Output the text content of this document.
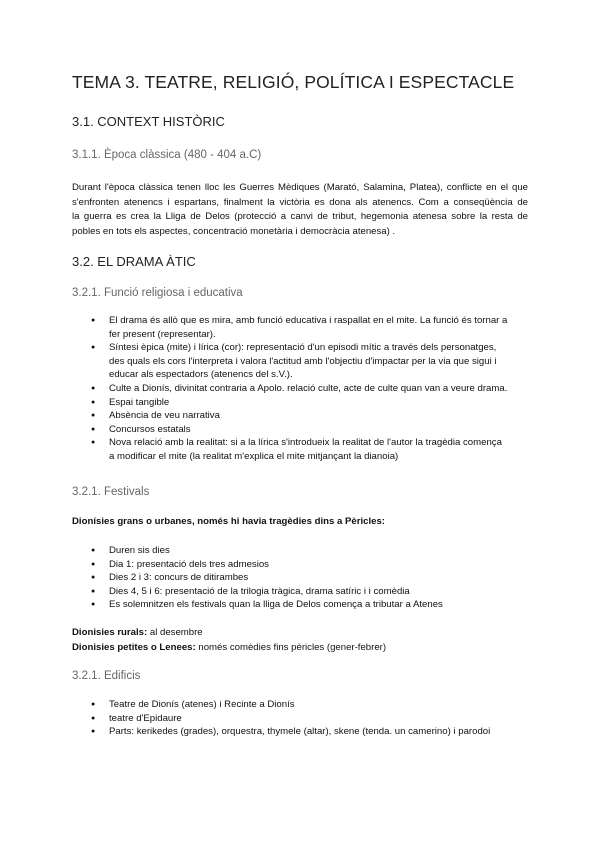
TEMA 3. TEATRE, RELIGIÓ, POLÍTICA I ESPECTACLE
3.1. CONTEXT HISTÒRIC
3.1.1. Època clàssica (480 - 404 a.C)
Durant l'època clàssica tenen lloc les Guerres Mèdiques (Marató, Salamina, Platea), conflicte en el que
s'enfronten atenencs i espartans, finalment la victòria es dona als atenencs. Com a conseqüència de
la guerra es crea la Lliga de Delos (protecció a canvi de tribut, hegemonia atenesa sobre la resta de
pobles en tots els aspectes, concentració monetària i democràcia atenesa) .
3.2. EL DRAMA ÀTIC
3.2.1. Funció religiosa i educativa
● El drama és allò que es mira, amb funció educativa i raspallat en el mite. La funció és tornar a
fer present (representar).
● Síntesi èpica (mite) i lírica (cor): representació d'un episodi mític a través dels personatges,
des quals els cors l'interpreta i valora l'actitud amb l'objectiu d'impactar per la via que sigui i
educar als espectadors (atenencs del s.V.).
● Culte a Dionís, divinitat contraria a Apolo. relació culte, acte de culte quan van a veure drama.
● Espai tangible
● Absència de veu narrativa
● Concursos estatals
● Nova relació amb la realitat: si a la lírica s'introdueix la realitat de l'autor la tragèdia comença
a modificar el mite (la realitat m'explica el mite mitjançant la dianoia)
3.2.1. Festivals
Dionísies grans o urbanes, només hi havia tragèdies dins a Pèricles:
● Duren sis dies
● Dia 1: presentació dels tres admesios
● Dies 2 i 3: concurs de ditirambes
● Dies 4, 5 i 6: presentació de la trilogia tràgica, drama satíric i i comèdia
● Es solemnitzen els festivals quan la lliga de Delos comença a tributar a Atenes
Dionisies rurals: al desembre
Dionisies petites o Lenees: només comèdies fins pèricles (gener-febrer)
3.2.1. Edificis
● Teatre de Dionís (atenes) i Recinte a Dionís
● teatre d'Epidaure
● Parts: kerikedes (grades), orquestra, thymele (altar), skene (tenda. un camerino) i parodoi
